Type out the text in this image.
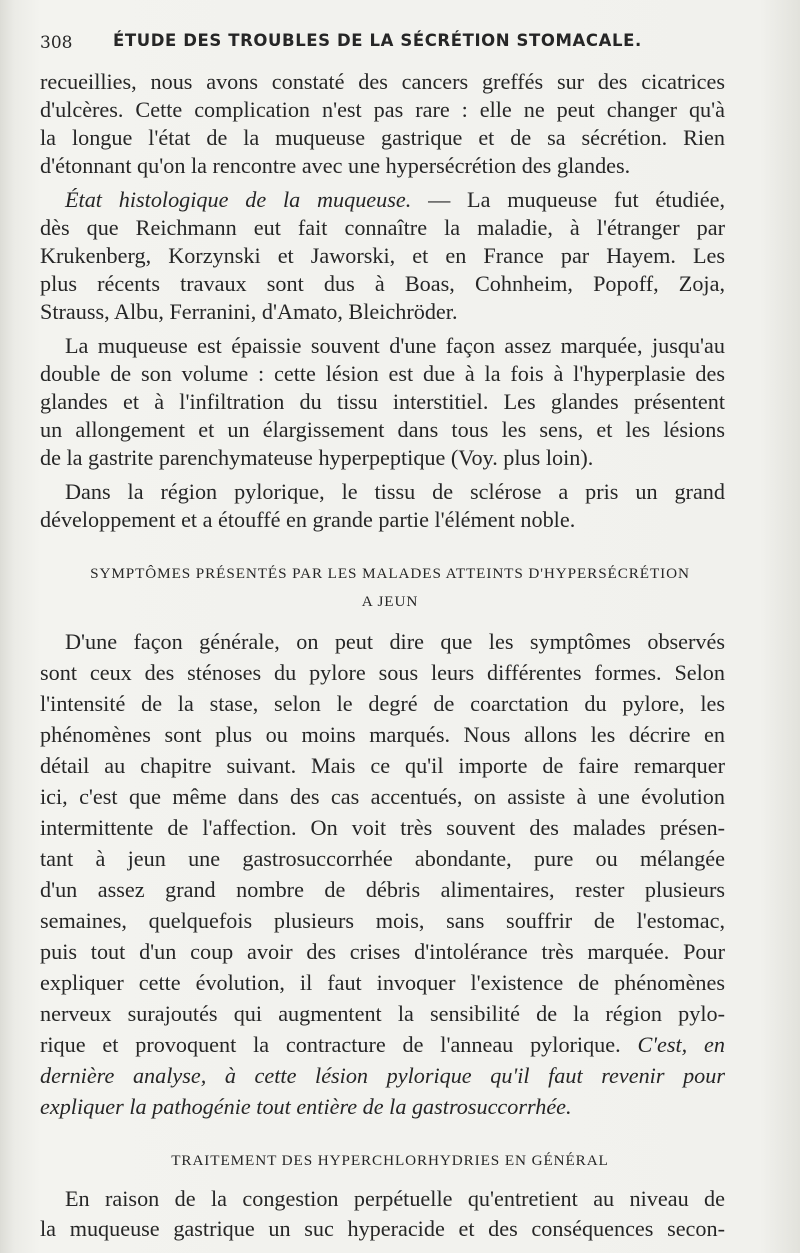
308 ÉTUDE DES TROUBLES DE LA SÉCRÉTION STOMACALE.
recueillies, nous avons constaté des cancers greffés sur des cicatrices
d'ulcères. Cette complication n'est pas rare : elle ne peut changer qu'à
la longue l'état de la muqueuse gastrique et de sa sécrétion. Rien
d'étonnant qu'on la rencontre avec une hypersécrétion des glandes.
État histologique de la muqueuse. — La muqueuse fut étudiée,
dès que Reichmann eut fait connaître la maladie, à l'étranger par
Krukenberg, Korzynski et Jaworski, et en France par Hayem. Les
plus récents travaux sont dus à Boas, Cohnheim, Popoff, Zoja,
Strauss, Albu, Ferranini, d'Amato, Bleichröder.
La muqueuse est épaissie souvent d'une façon assez marquée, jusqu'au
double de son volume : cette lésion est due à la fois à l'hyperplasie des
glandes et à l'infiltration du tissu interstitiel. Les glandes présentent
un allongement et un élargissement dans tous les sens, et les lésions
de la gastrite parenchymateuse hyperpeptique (Voy. plus loin).
Dans la région pylorique, le tissu de sclérose a pris un grand
développement et a étouffé en grande partie l'élément noble.
SYMPTÔMES PRÉSENTÉS PAR LES MALADES ATTEINTS D'HYPERSÉCRÉTION
A JEUN
D'une façon générale, on peut dire que les symptômes observés
sont ceux des sténoses du pylore sous leurs différentes formes. Selon
l'intensité de la stase, selon le degré de coarctation du pylore, les
phénomènes sont plus ou moins marqués. Nous allons les décrire en
détail au chapitre suivant. Mais ce qu'il importe de faire remarquer
ici, c'est que même dans des cas accentués, on assiste à une évolution
intermittente de l'affection. On voit très souvent des malades présen-
tant à jeun une gastrosuccorrhée abondante, pure ou mélangée
d'un assez grand nombre de débris alimentaires, rester plusieurs
semaines, quelquefois plusieurs mois, sans souffrir de l'estomac,
puis tout d'un coup avoir des crises d'intolérance très marquée. Pour
expliquer cette évolution, il faut invoquer l'existence de phénomènes
nerveux surajoutés qui augmentent la sensibilité de la région pylo-
rique et provoquent la contracture de l'anneau pylorique. C'est, en
dernière analyse, à cette lésion pylorique qu'il faut revenir pour
expliquer la pathogénie tout entière de la gastrosuccorrhée.
TRAITEMENT DES HYPERCHLORHYDRIES EN GÉNÉRAL
En raison de la congestion perpétuelle qu'entretient au niveau de
la muqueuse gastrique un suc hyperacide et des conséquences secon-
